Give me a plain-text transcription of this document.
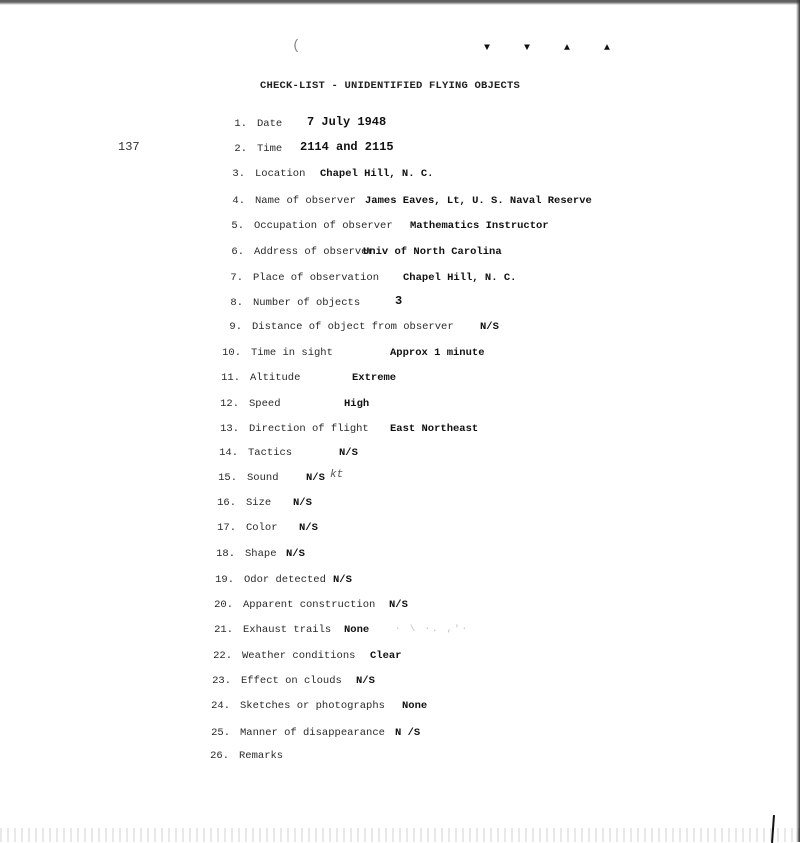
(	▼ ▼ ▲ ▲
CHECK-LIST - UNIDENTIFIED FLYING OBJECTS
137
1. Date 7 July 1948
2. Time 2114 and 2115
3. Location Chapel Hill, N. C.
4. Name of observer James Eaves, Lt, U. S. Naval Reserve
5. Occupation of observer Mathematics Instructor
6. Address of observer
Univ of North Carolina
7. Place of observation Chapel Hill, N. C.
8. Number of objects	3
9. Distance of object from observer	N/S
10. Time in sight	Approx 1 minute
11. Altitude	Extreme
12. Speed	High
13. Direction of flight East Northeast
14. Tactics	N/S
15. Sound	N/S kt
16. Size N/S
17. Color N/S
18. Shape N/S
19. Odor detected N/S
20. Apparent construction N/S
21. Exhaust trails None	· \ ·. ,'·
22. Weather conditions Clear
23. Effect on clouds N/S
24. Sketches or photographs None
25. Manner of disappearance N /S
26. Remarks
